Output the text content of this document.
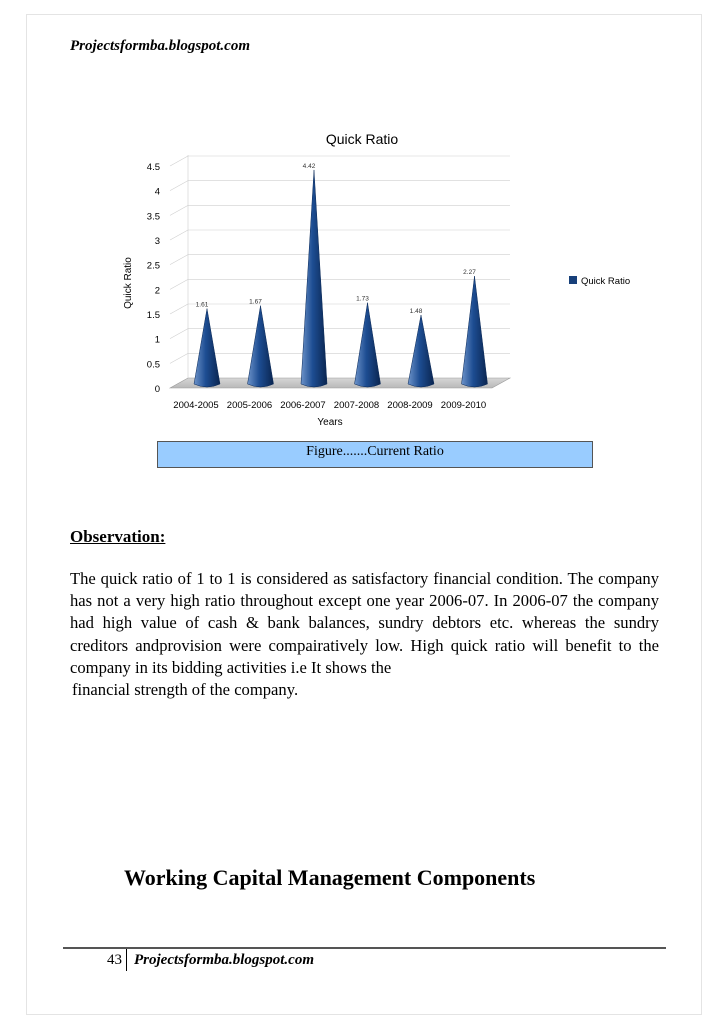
Projectsformba.blogspot.com
Quick Ratio
0
0.5
1
1.5
2
2.5
3
3.5
4
4.5
1.61	1.67
4.42
1.73
1.48
2.27
2004-2005 2005-2006 2006-2007 2007-2008 2008-2009 2009-2010
Quick Ratio
Years
Quick Ratio
Figure.......Current Ratio
Observation:

The quick ratio of 1 to 1 is considered as satisfactory financial condition. The company has not a very high ratio throughout except one year 2006-07. In 2006-07 the company had high value of cash & bank balances, sundry debtors etc. whereas the sundry creditors andprovision were compairatively low. High quick ratio will benefit to the company in its bidding activities i.e It shows the

financial strength of the company.

Working Capital Management Components
43 Projectsformba.blogspot.com
